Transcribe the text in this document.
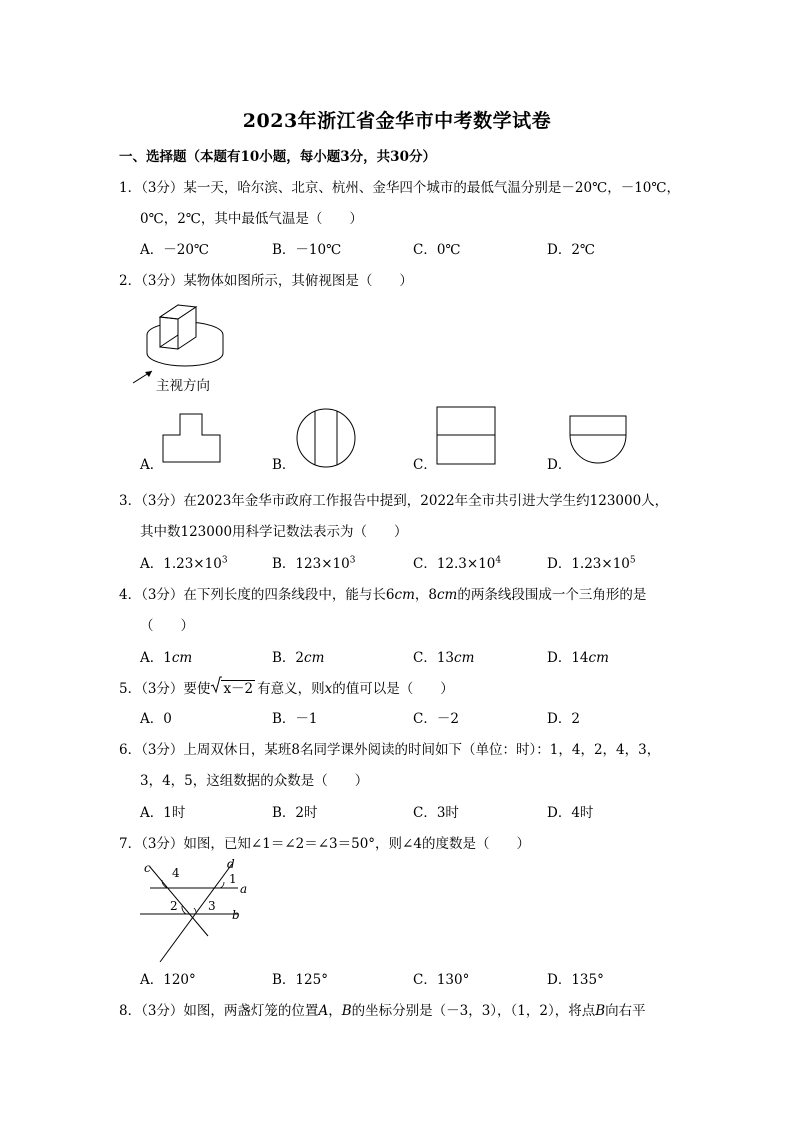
2023年浙江省金华市中考数学试卷
一、选择题（本题有10小题，每小题3分，共30分）
1．（3分）某一天，哈尔滨、北京、杭州、金华四个城市的最低气温分别是－20℃，－10℃，
0℃，2℃，其中最低气温是（　　）
A．－20℃	B．－10℃	C．0℃	D．2℃
2．（3分）某物体如图所示，其俯视图是（　　）
主视方向
A．	B．	C．	D．
3．（3分）在2023年金华市政府工作报告中提到，2022年全市共引进大学生约123000人，
其中数123000用科学记数法表示为（　　）
A．$1.23\times 10^3$	B．$123\times 10^3$	C．$12.3\times 10^4$	D．$1.23\times 10^5$
4．（3分）在下列长度的四条线段中，能与长6cm，8cm的两条线段围成一个三角形的是
（　　）
A．1cm	B．2cm	C．13cm	D．14cm
5．（3分）要使 x－2 有意义，则x的值可以是（　　）
A．0	B．－1	C．－2	D．2
6．（3分）上周双休日，某班8名同学课外阅读的时间如下（单位：时）：1，4，2，4，3，
3，4，5，这组数据的众数是（　　）
A．1时	B．2时	C．3时	D．4时
7．（3分）如图，已知∠1＝∠2＝∠3＝50°，则∠4的度数是（　　）
c	d
a
b
4	1
2	3
A．120°	B．125°	C．130°	D．135°
8．（3分）如图，两盏灯笼的位置A，B的坐标分别是（－3，3），（1，2），将点B向右平
